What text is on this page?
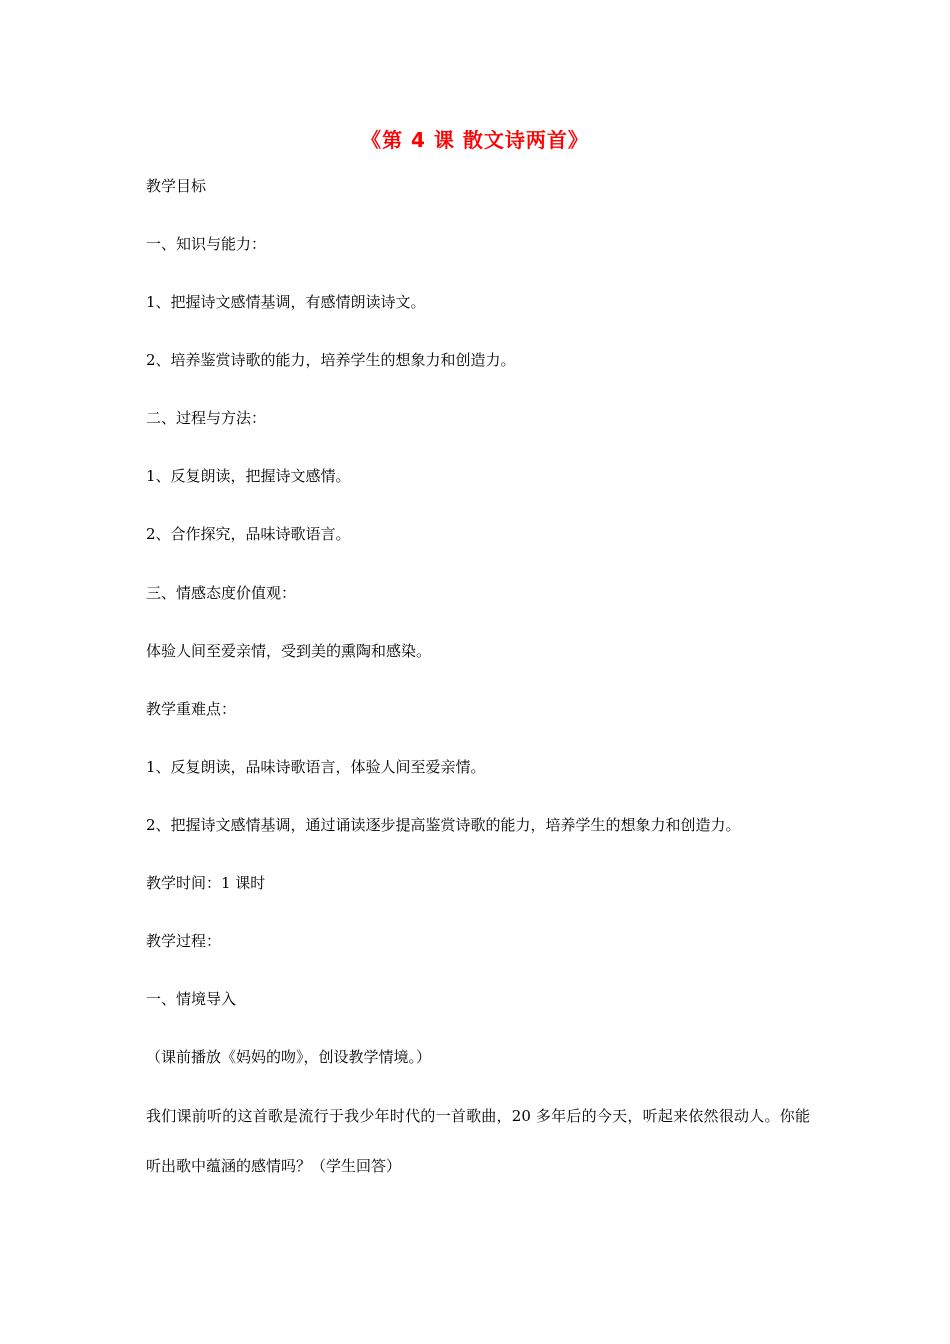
《第 4 课 散文诗两首》
教学目标
一、知识与能力：
1、把握诗文感情基调，有感情朗读诗文。
2、培养鉴赏诗歌的能力，培养学生的想象力和创造力。
二、过程与方法：
1、反复朗读，把握诗文感情。
2、合作探究，品味诗歌语言。
三、情感态度价值观：
体验人间至爱亲情，受到美的熏陶和感染。
教学重难点：
1、反复朗读，品味诗歌语言，体验人间至爱亲情。
2、把握诗文感情基调，通过诵读逐步提高鉴赏诗歌的能力，培养学生的想象力和创造力。
教学时间：1 课时
教学过程：
一、情境导入
（课前播放《妈妈的吻》，创设教学情境。）
我们课前听的这首歌是流行于我少年时代的一首歌曲，20 多年后的今天，听起来依然很动人。你能听出歌中蕴涵的感情吗？（学生回答）
